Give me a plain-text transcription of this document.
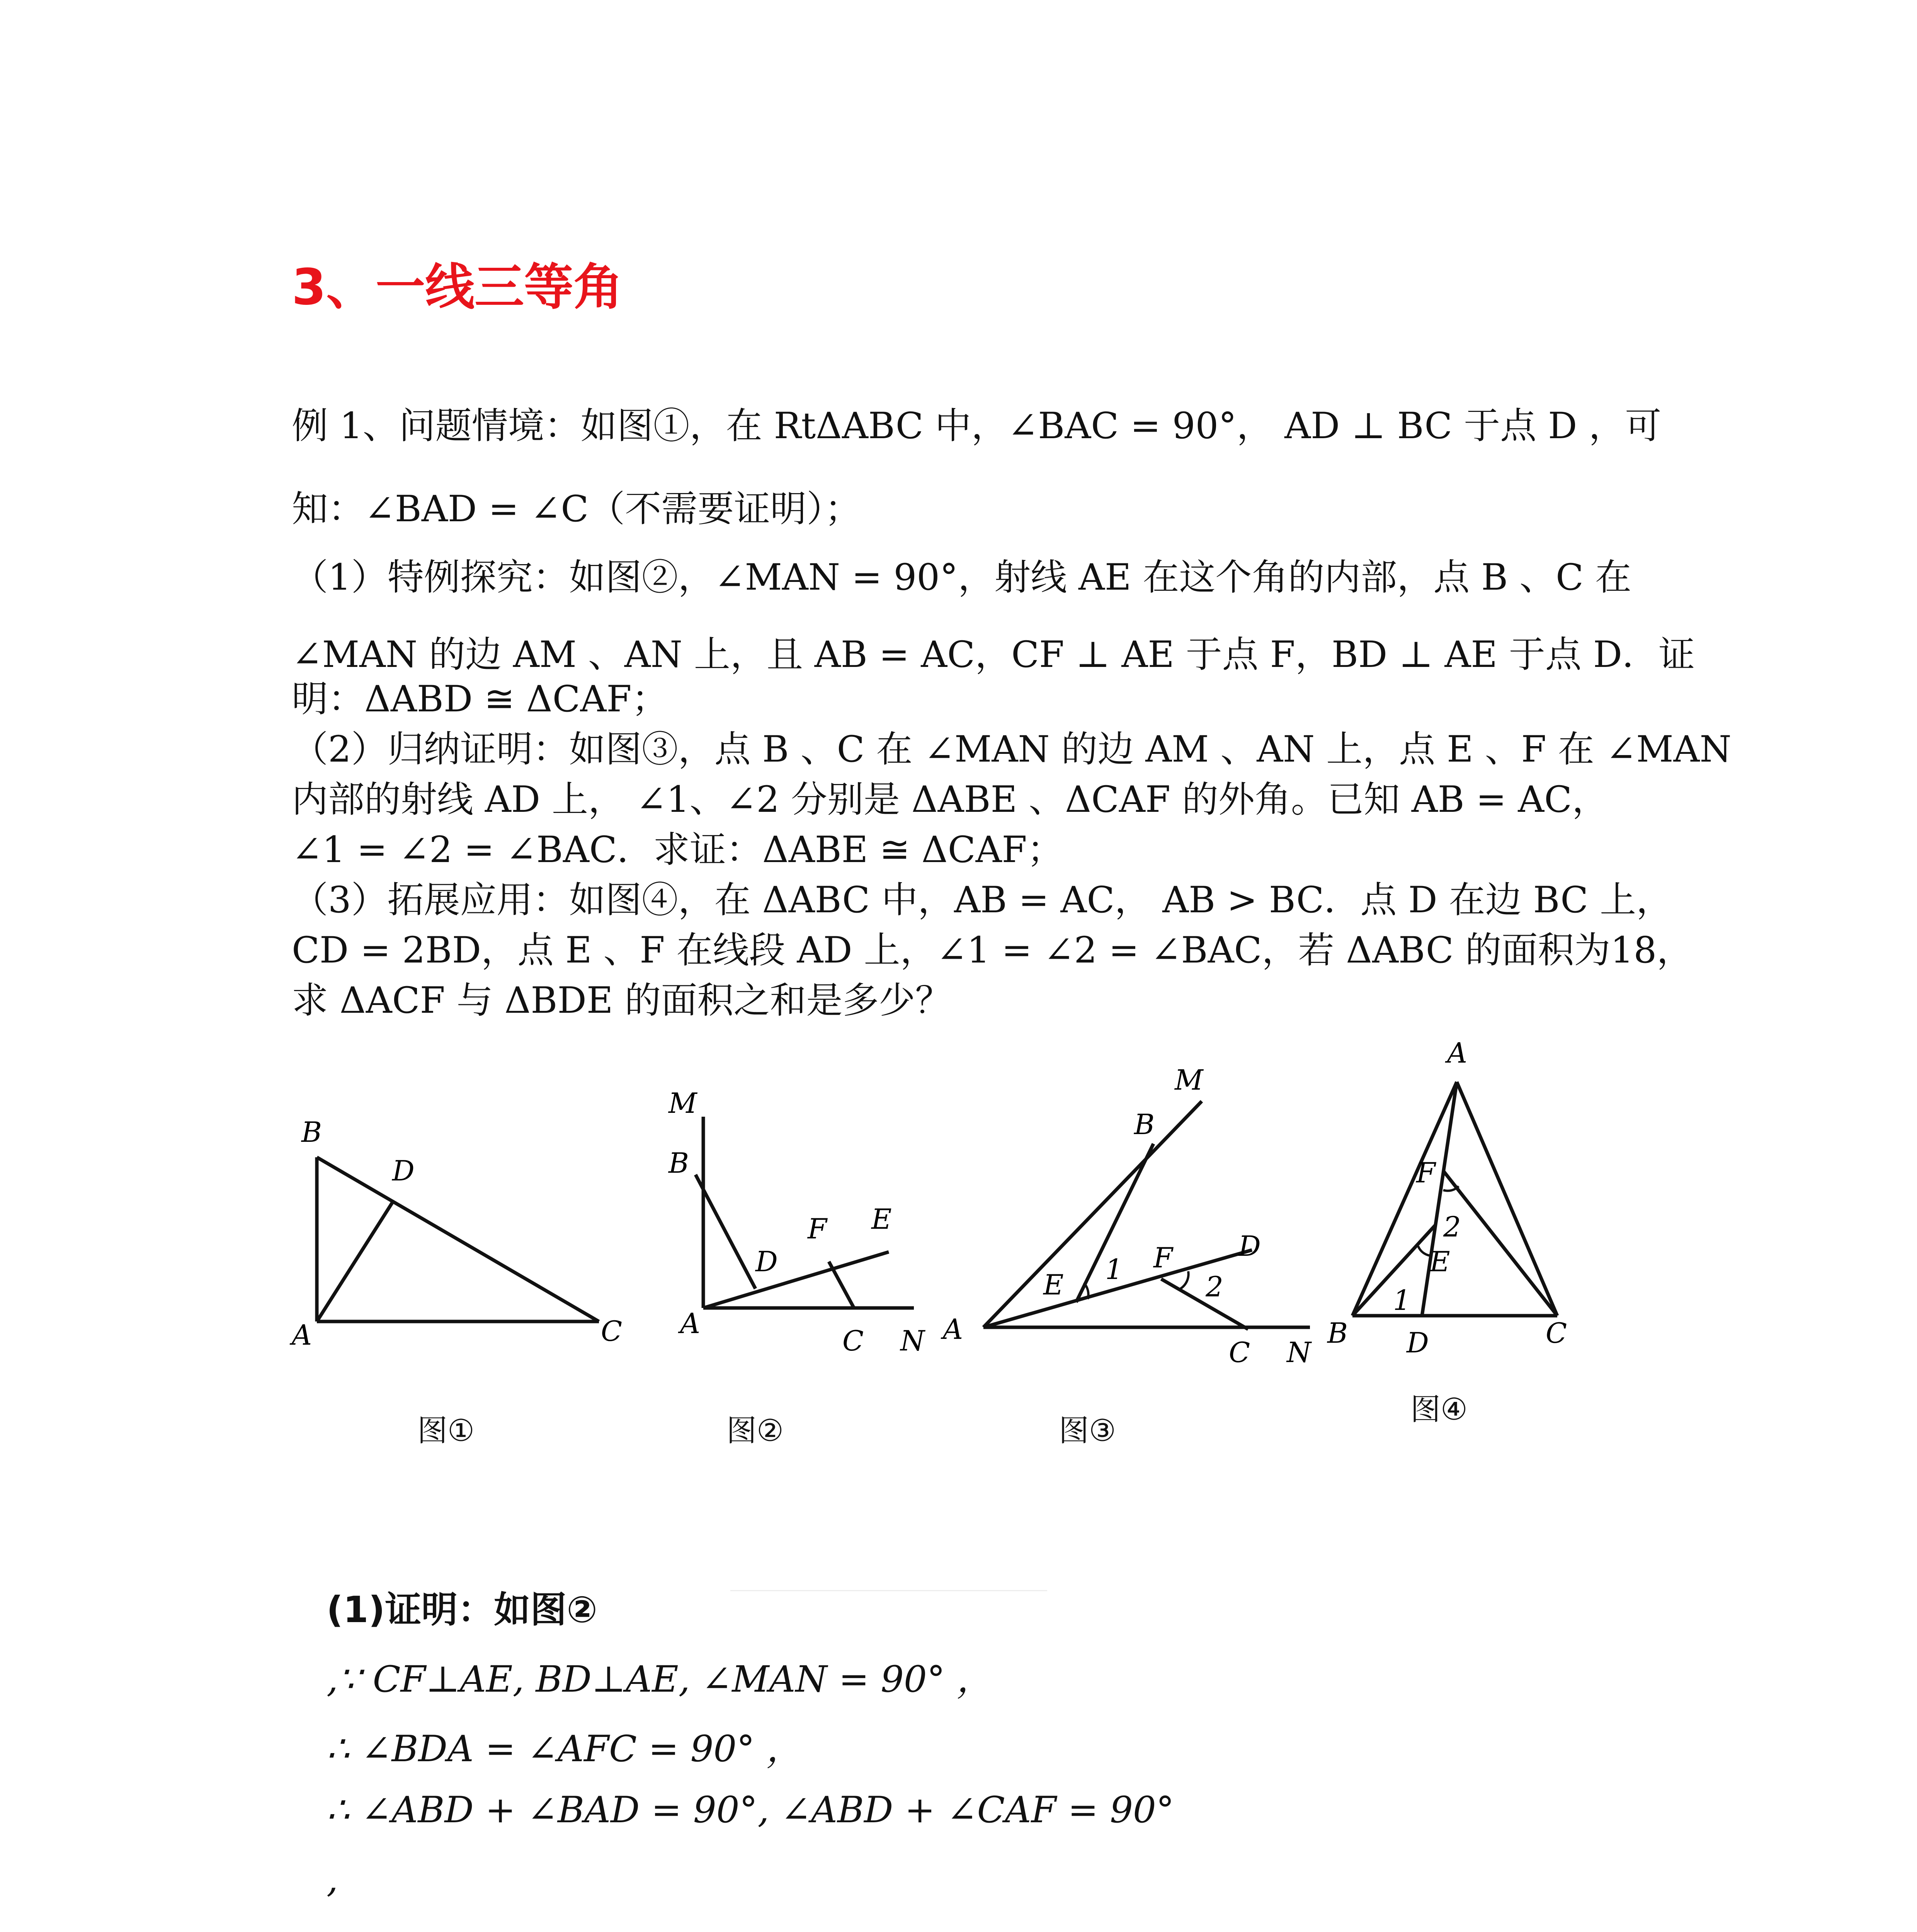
3、一线三等角
例 1、问题情境：如图①，在 RtΔABC 中，∠BAC = 90°， AD ⊥ BC 于点 D ，可
知：∠BAD = ∠C（不需要证明）；
（1）特例探究：如图②，∠MAN = 90°，射线 AE 在这个角的内部，点 B 、C 在
∠MAN 的边 AM 、AN 上，且 AB = AC，CF ⊥ AE 于点 F，BD ⊥ AE 于点 D．证
明：ΔABD ≅ ΔCAF；
（2）归纳证明：如图③，点 B 、C 在 ∠MAN 的边 AM 、AN 上，点 E 、F 在 ∠MAN
内部的射线 AD 上， ∠1、∠2 分别是 ΔABE 、ΔCAF 的外角。已知 AB = AC，
∠1 = ∠2 = ∠BAC．求证：ΔABE ≅ ΔCAF；
（3）拓展应用：如图④，在 ΔABC 中，AB = AC， AB > BC．点 D 在边 BC 上，
CD = 2BD，点 E 、F 在线段 AD 上，∠1 = ∠2 = ∠BAC，若 ΔABC 的面积为18，
求 ΔACF 与 ΔBDE 的面积之和是多少？
B
D
A	C
图①
M
B
D
F E
A
C N
图②
M
B
E 1 F D
2
A
C N
图③
A
F
2
E
1
B D	C
图④
(1)证明：如图②
,∵ CF⊥AE, BD⊥AE, ∠MAN = 90° ，
∴ ∠BDA = ∠AFC = 90° ，
∴ ∠ABD + ∠BAD = 90°, ∠ABD + ∠CAF = 90°
,
